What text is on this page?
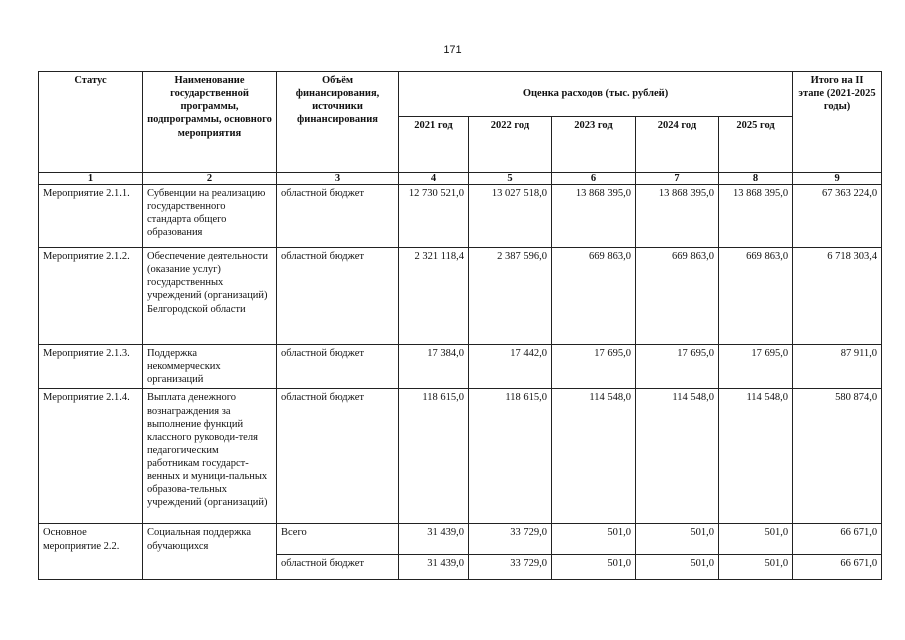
171
Статус	Наименование государственной программы, подпрограммы, основного мероприятия	Объём финансирования, источники финансирования	Оценка расходов (тыс. рублей)					Итого на II этапе (2021-2025 годы)
			2021 год	2022 год	2023 год	2024 год	2025 год	
1	2	3	4	5	6	7	8	9
Мероприятие 2.1.1.	Субвенции на реализацию государственного стандарта общего образования	областной бюджет	12 730 521,0	13 027 518,0	13 868 395,0	13 868 395,0	13 868 395,0	67 363 224,0
Мероприятие 2.1.2.	Обеспечение деятельности (оказание услуг) государственных учреждений (организаций) Белгородской области	областной бюджет	2 321 118,4	2 387 596,0	669 863,0	669 863,0	669 863,0	6 718 303,4
Мероприятие 2.1.3.	Поддержка некоммерческих организаций	областной бюджет	17 384,0	17 442,0	17 695,0	17 695,0	17 695,0	87 911,0
Мероприятие 2.1.4.	Выплата денежного вознаграждения за выполнение функций классного руководи-теля педагогическим работникам государст-венных и муници-пальных образова-тельных учреждений (организаций)	областной бюджет	118 615,0	118 615,0	114 548,0	114 548,0	114 548,0	580 874,0
Основное мероприятие 2.2.	Социальная поддержка обучающихся	Всего	31 439,0	33 729,0	501,0	501,0	501,0	66 671,0
		областной бюджет	31 439,0	33 729,0	501,0	501,0	501,0	66 671,0
